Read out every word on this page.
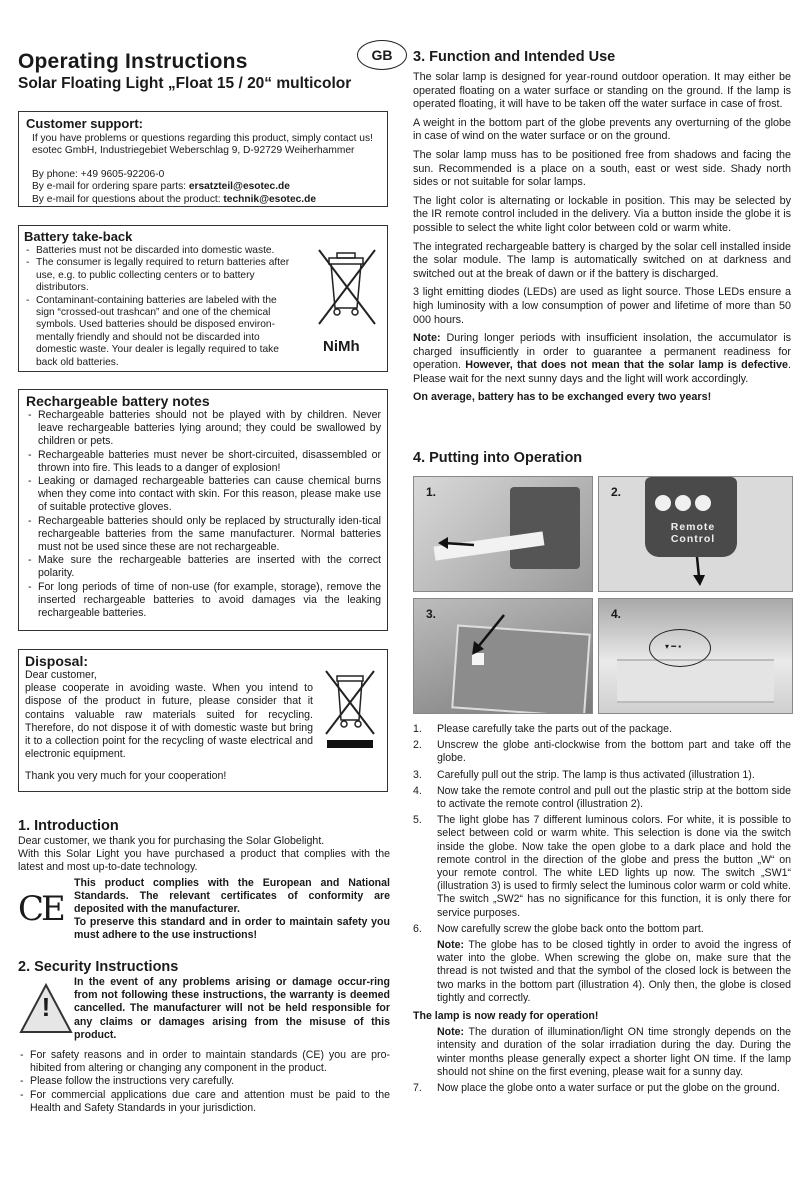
Operating Instructions
Solar Floating Light „Float 15 / 20“ multicolor
GB
Customer support:

If you have problems or questions regarding this product, simply contact us!

esotec GmbH, Industriegebiet Weberschlag 9, D-92729 Weiherhammer

By phone: +49 9605-92206-0

By e-mail for ordering spare parts: ersatzteil@esotec.de

By e-mail for questions about the product: technik@esotec.de

Battery take-back
- Batteries must not be discarded into domestic waste.
- The consumer is legally required to return batteries after use, e.g. to public collecting centers or to battery distributors.
- Contaminant-containing batteries are labeled with the sign “crossed-out trashcan” and one of the chemical symbols. Used batteries should be disposed environ-mentally friendly and should not be discarded into domestic waste. Your dealer is legally required to take back old batteries.
NiMh
Rechargeable battery notes
- Rechargeable batteries should not be played with by children. Never leave rechargeable batteries lying around; they could be swallowed by children or pets.
- Rechargeable batteries must never be short-circuited, disassembled or thrown into fire. This leads to a danger of explosion!
- Leaking or damaged rechargeable batteries can cause chemical burns when they come into contact with skin. For this reason, please make use of suitable protective gloves.
- Rechargeable batteries should only be replaced by structurally iden-tical rechargeable batteries from the same manufacturer. Normal batteries must not be used since these are not rechargeable.
- Make sure the rechargeable batteries are inserted with the correct polarity.
- For long periods of time of non-use (for example, storage), remove the inserted rechargeable batteries to avoid damages via the leaking rechargeable batteries.
Disposal:

Dear customer,

please cooperate in avoiding waste. When you intend to dispose of the product in future, please consider that it contains valuable raw materials suited for recycling. Therefore, do not dispose it of with domestic waste but bring it to a collection point for the recycling of waste electrical and electronic equipment.

Thank you very much for your cooperation!

1. Introduction

Dear customer, we thank you for purchasing the Solar Globelight.

With this Solar Light you have purchased a product that complies with the latest and most up-to-date technology.

CE

This product complies with the European and National Standards. The relevant certificates of conformity are deposited with the manufacturer.

To preserve this standard and in order to maintain safety you must adhere to the use instructions!

2. Security Instructions
!

In the event of any problems arising or damage occur-ring from not following these instructions, the warranty is deemed cancelled. The manufacturer will not be held responsible for any claims or damages arising from the misuse of this product.

- For safety reasons and in order to maintain standards (CE) you are pro-hibited from altering or changing any component in the product.
- Please follow the instructions very carefully.
- For commercial applications due care and attention must be paid to the Health and Safety Standards in your jurisdiction.
3. Function and Intended Use

The solar lamp is designed for year-round outdoor operation. It may either be operated floating on a water surface or standing on the ground. If the lamp is operated floating, it will have to be taken off the water surface in case of frost.

A weight in the bottom part of the globe prevents any overturning of the globe in case of wind on the water surface or on the ground.

The solar lamp muss has to be positioned free from shadows and facing the sun. Recommended is a place on a south, east or west side. Shady north sides or not suitable for solar lamps.

The light color is alternating or lockable in position. This may be selected by the IR remote control included in the delivery. Via a button inside the globe it is possible to select the white light color between cold or warm white.

The integrated rechargeable battery is charged by the solar cell installed inside the solar module. The lamp is automatically switched on at darkness and switched out at the break of dawn or if the battery is discharged.

3 light emitting diodes (LEDs) are used as light source. Those LEDs ensure a high luminosity with a low consumption of power and lifetime of more than 50 000 hours.

Note: During longer periods with insufficient insolation, the accumulator is charged insufficiently in order to guarantee a permanent readiness for operation. However, that does not mean that the solar lamp is defective. Please wait for the next sunny days and the light will work accordingly.

On average, battery has to be exchanged every two years!

4. Putting into Operation
1.
Remote Control
2.
3.
▾ ━ ▪
4.
1. Please carefully take the parts out of the package.
2. Unscrew the globe anti-clockwise from the bottom part and take off the globe.
3. Carefully pull out the strip. The lamp is thus activated (illustration 1).
4. Now take the remote control and pull out the plastic strip at the bottom side to activate the remote control (illustration 2).
5. The light globe has 7 different luminous colors. For white, it is possible to select between cold or warm white. This selection is done via the switch inside the globe. Now take the open globe to a dark place and hold the remote control in the direction of the globe and press the button „W“ on your remote control. The white LED lights up now. The switch „SW1“ (illustration 3) is used to firmly select the luminous color warm or cold white. The switch „SW2“ has no significance for this function, it is only there for service purposes.
6. Now carefully screw the globe back onto the bottom part.

Note: The globe has to be closed tightly in order to avoid the ingress of water into the globe. When screwing the globe on, make sure that the thread is not twisted and that the symbol of the closed lock is between the two marks in the bottom part (illustration 4). Only then, the globe is closed tightly and correctly.

The lamp is now ready for operation!

Note: The duration of illumination/light ON time strongly depends on the intensity and duration of the solar irradiation during the day. During the winter months please generally expect a shorter light ON time. If the lamp should not shine on the first evening, please wait for a sunny day.

7. Now place the globe onto a water surface or put the globe on the ground.
